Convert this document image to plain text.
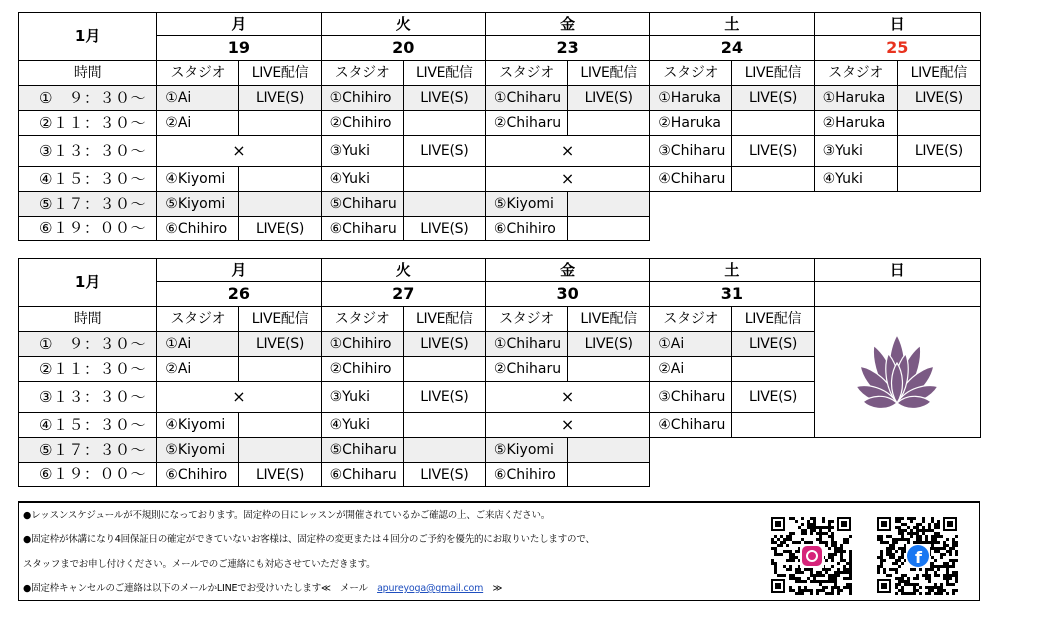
1月	月		火		金		土		日	
	19		20		23		24		25	
時間	スタジオ	LIVE配信	スタジオ	LIVE配信	スタジオ	LIVE配信	スタジオ	LIVE配信	スタジオ	LIVE配信
①　９：３０～	①Ai	LIVE(S)	①Chihiro	LIVE(S)	①Chiharu	LIVE(S)	①Haruka	LIVE(S)	①Haruka	LIVE(S)
②１１：３０～	②Ai		②Chihiro		②Chiharu		②Haruka		②Haruka	
③１３：３０～	×		③Yuki	LIVE(S)	×		③Chiharu	LIVE(S)	③Yuki	LIVE(S)
④１５：３０～	④Kiyomi		④Yuki		×		④Chiharu		④Yuki	
⑤１７：３０～	⑤Kiyomi		⑤Chiharu		⑤Kiyomi					
⑥１９：００～	⑥Chihiro	LIVE(S)	⑥Chiharu	LIVE(S)	⑥Chihiro					
1月	月		火		金		土		日
	26		27		30		31		
時間	スタジオ	LIVE配信	スタジオ	LIVE配信	スタジオ	LIVE配信	スタジオ	LIVE配信	
①　９：３０～	①Ai	LIVE(S)	①Chihiro	LIVE(S)	①Chiharu	LIVE(S)	①Ai	LIVE(S)	
②１１：３０～	②Ai		②Chihiro		②Chiharu		②Ai		
③１３：３０～	×		③Yuki	LIVE(S)	×		③Chiharu	LIVE(S)	
④１５：３０～	④Kiyomi		④Yuki		×		④Chiharu		
⑤１７：３０～	⑤Kiyomi		⑤Chiharu		⑤Kiyomi				
⑥１９：００～	⑥Chihiro	LIVE(S)	⑥Chiharu	LIVE(S)	⑥Chihiro				

●レッスンスケジュールが不規則になっております。固定枠の日にレッスンが開催されているかご確認の上、ご来店ください。

●固定枠が休講になり4回保証日の確定ができていないお客様は、固定枠の変更または４回分のご予約を優先的にお取りいたしますので、

スタッフまでお申し付けください。メールでのご連絡にも対応させていただきます。

●固定枠キャンセルのご連絡は以下のメールかLINEでお受けいたします≪　メール　apureyoga@gmail.com　≫

f
